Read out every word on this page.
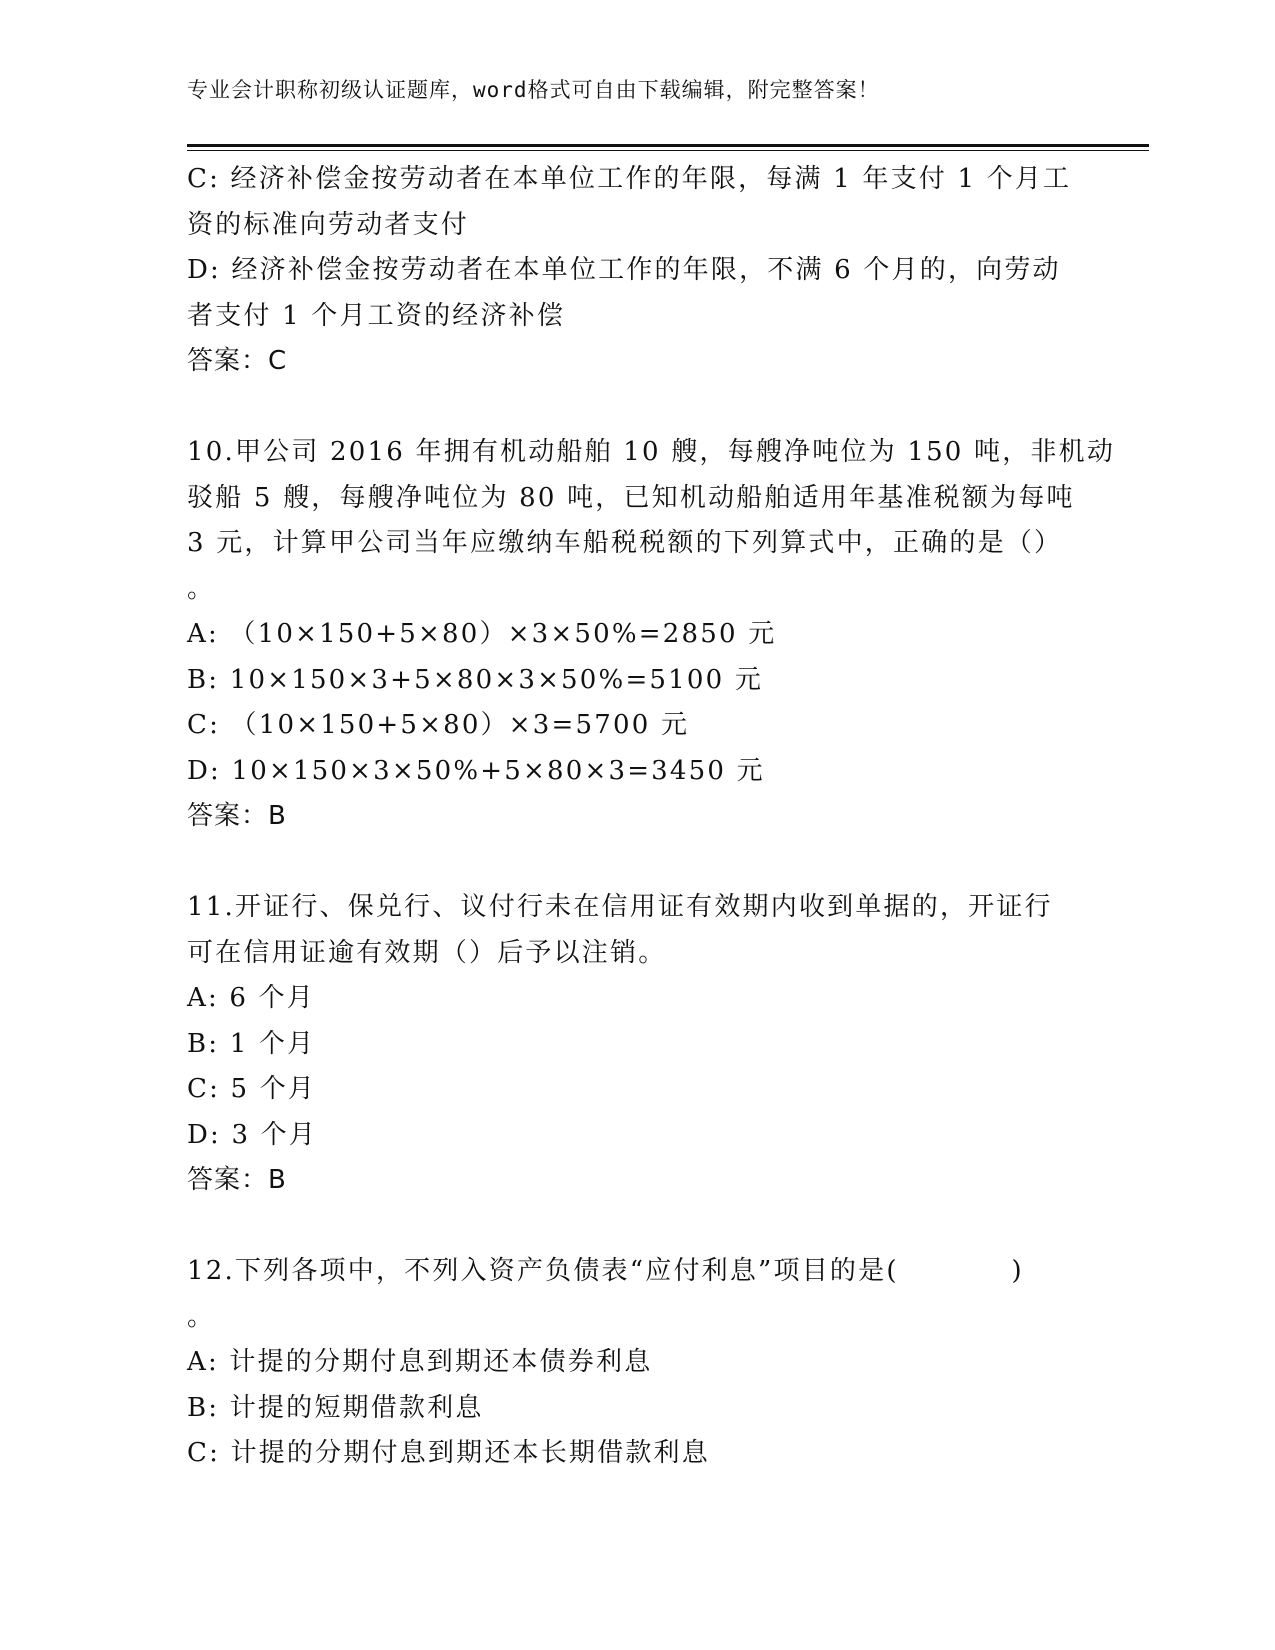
专业会计职称初级认证题库，word格式可自由下载编辑，附完整答案！
C: 经济补偿金按劳动者在本单位工作的年限，每满 1 年支付 1 个月工
资的标准向劳动者支付
D: 经济补偿金按劳动者在本单位工作的年限，不满 6 个月的，向劳动
者支付 1 个月工资的经济补偿
答案：C
10.甲公司 2016 年拥有机动船舶 10 艘，每艘净吨位为 150 吨，非机动
驳船 5 艘，每艘净吨位为 80 吨，已知机动船舶适用年基准税额为每吨
3 元，计算甲公司当年应缴纳车船税税额的下列算式中，正确的是（）
。
A: （10×150+5×80）×3×50%=2850 元
B: 10×150×3+5×80×3×50%=5100 元
C: （10×150+5×80）×3=5700 元
D: 10×150×3×50%+5×80×3=3450 元
答案：B
11.开证行、保兑行、议付行未在信用证有效期内收到单据的，开证行
可在信用证逾有效期（）后予以注销。
A: 6 个月
B: 1 个月
C: 5 个月
D: 3 个月
答案：B
12.下列各项中，不列入资产负债表“应付利息”项目的是(　　　　)
。
A: 计提的分期付息到期还本债券利息
B: 计提的短期借款利息
C: 计提的分期付息到期还本长期借款利息
